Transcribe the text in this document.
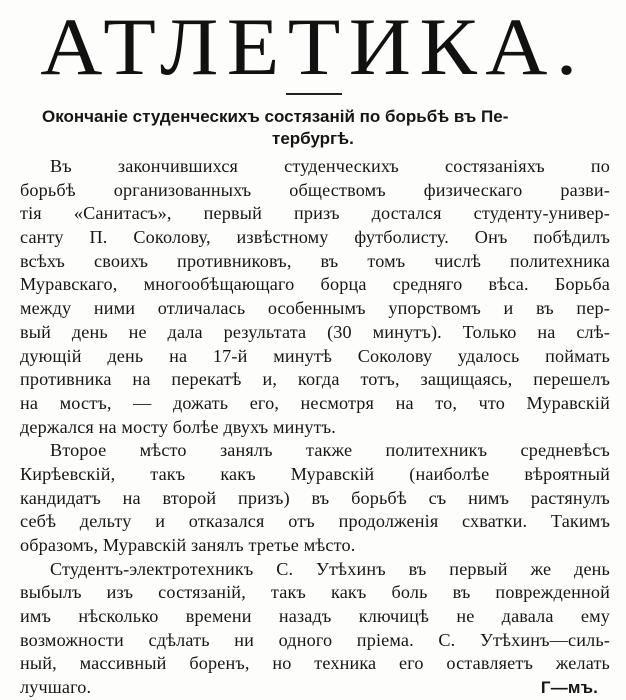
АТЛЕТИКА.
Окончаніе студенческихъ состязаній по борьбѣ въ Пе-
тербургѣ.
Въ закончившихся студенческихъ состязаніяхъ по
борьбѣ организованныхъ обществомъ физическаго разви-
тія «Санитасъ», первый призъ достался студенту-универ-
санту П. Соколову, извѣстному футболисту. Онъ побѣдилъ
всѣхъ своихъ противниковъ, въ томъ числѣ политехника
Муравскаго, многообѣщающаго борца средняго вѣса. Борьба
между ними отличалась особеннымъ упорствомъ и въ пер-
вый день не дала результата (30 минутъ). Только на слѣ-
дующій день на 17-й минутѣ Соколову удалось поймать
противника на перекатѣ и, когда тотъ, защищаясь, перешелъ
на мостъ, — дожать его, несмотря на то, что Муравскій
держался на мосту болѣе двухъ минутъ.
Второе мѣсто занялъ также политехникъ средневѣсъ
Кирѣевскій, такъ какъ Муравскій (наиболѣе вѣроятный
кандидатъ на второй призъ) въ борьбѣ съ нимъ растянулъ
себѣ дельту и отказался отъ продолженія схватки. Такимъ
образомъ, Муравскій занялъ третье мѣсто.
Студентъ-электротехникъ С. Утѣхинъ въ первый же день
выбылъ изъ состязаній, такъ какъ боль въ поврежденной
имъ нѣсколько времени назадъ ключицѣ не давала ему
возможности сдѣлать ни одного пріема. С. Утѣхинъ—силь-
ный, массивный боренъ, но техника его оставляетъ желать
лучшаго.	Г—мъ.
